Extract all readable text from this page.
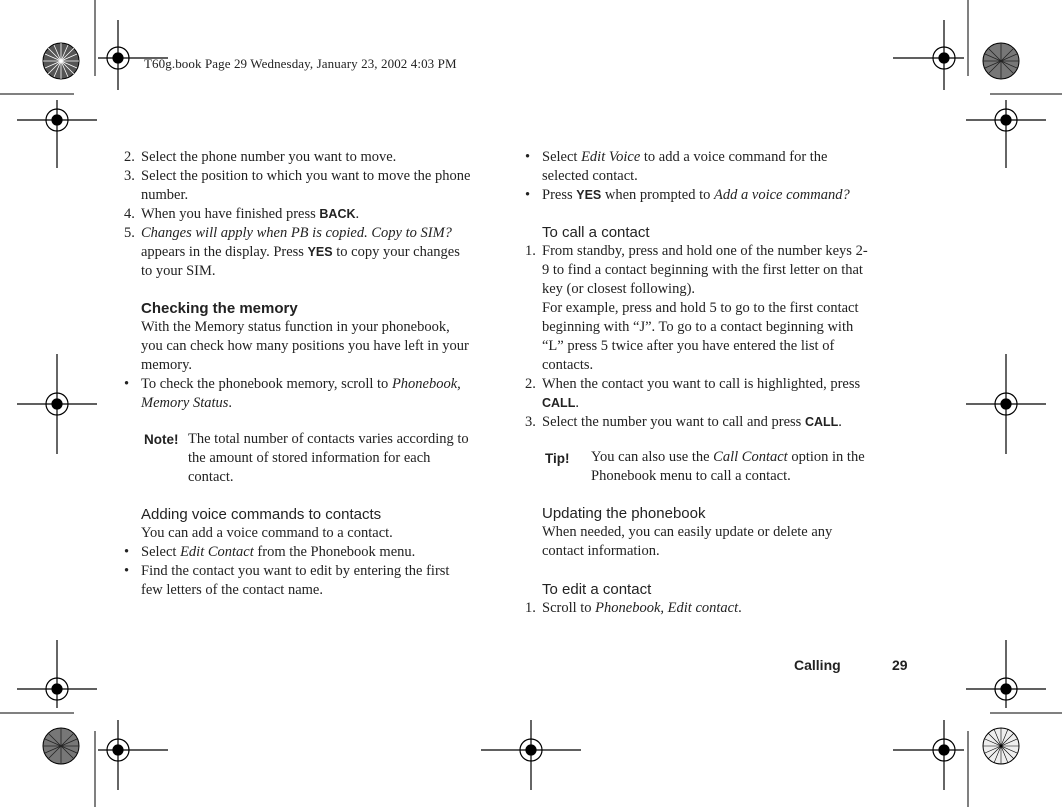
T60g.book Page 29 Wednesday, January 23, 2002 4:03 PM
2. Select the phone number you want to move.
3. Select the position to which you want to move the phone
number.
4. When you have finished press BACK.
5. Changes will apply when PB is copied. Copy to SIM?
appears in the display. Press YES to copy your changes
to your SIM.
Checking the memory
With the Memory status function in your phonebook,
you can check how many positions you have left in your
memory.
• To check the phonebook memory, scroll to Phonebook,
Memory Status.
Note! The total number of contacts varies according to
the amount of stored information for each
contact.
Adding voice commands to contacts
You can add a voice command to a contact.
• Select Edit Contact from the Phonebook menu.
• Find the contact you want to edit by entering the first
few letters of the contact name.
• Select Edit Voice to add a voice command for the
selected contact.
• Press YES when prompted to Add a voice command?
To call a contact
1. From standby, press and hold one of the number keys 2-
9 to find a contact beginning with the first letter on that
key (or closest following).
For example, press and hold 5 to go to the first contact
beginning with “J”. To go to a contact beginning with
“L” press 5 twice after you have entered the list of
contacts.
2. When the contact you want to call is highlighted, press
CALL.
3. Select the number you want to call and press CALL.
Tip! You can also use the Call Contact option in the
Phonebook menu to call a contact.
Updating the phonebook
When needed, you can easily update or delete any
contact information.
To edit a contact
1. Scroll to Phonebook, Edit contact.
Calling	29
